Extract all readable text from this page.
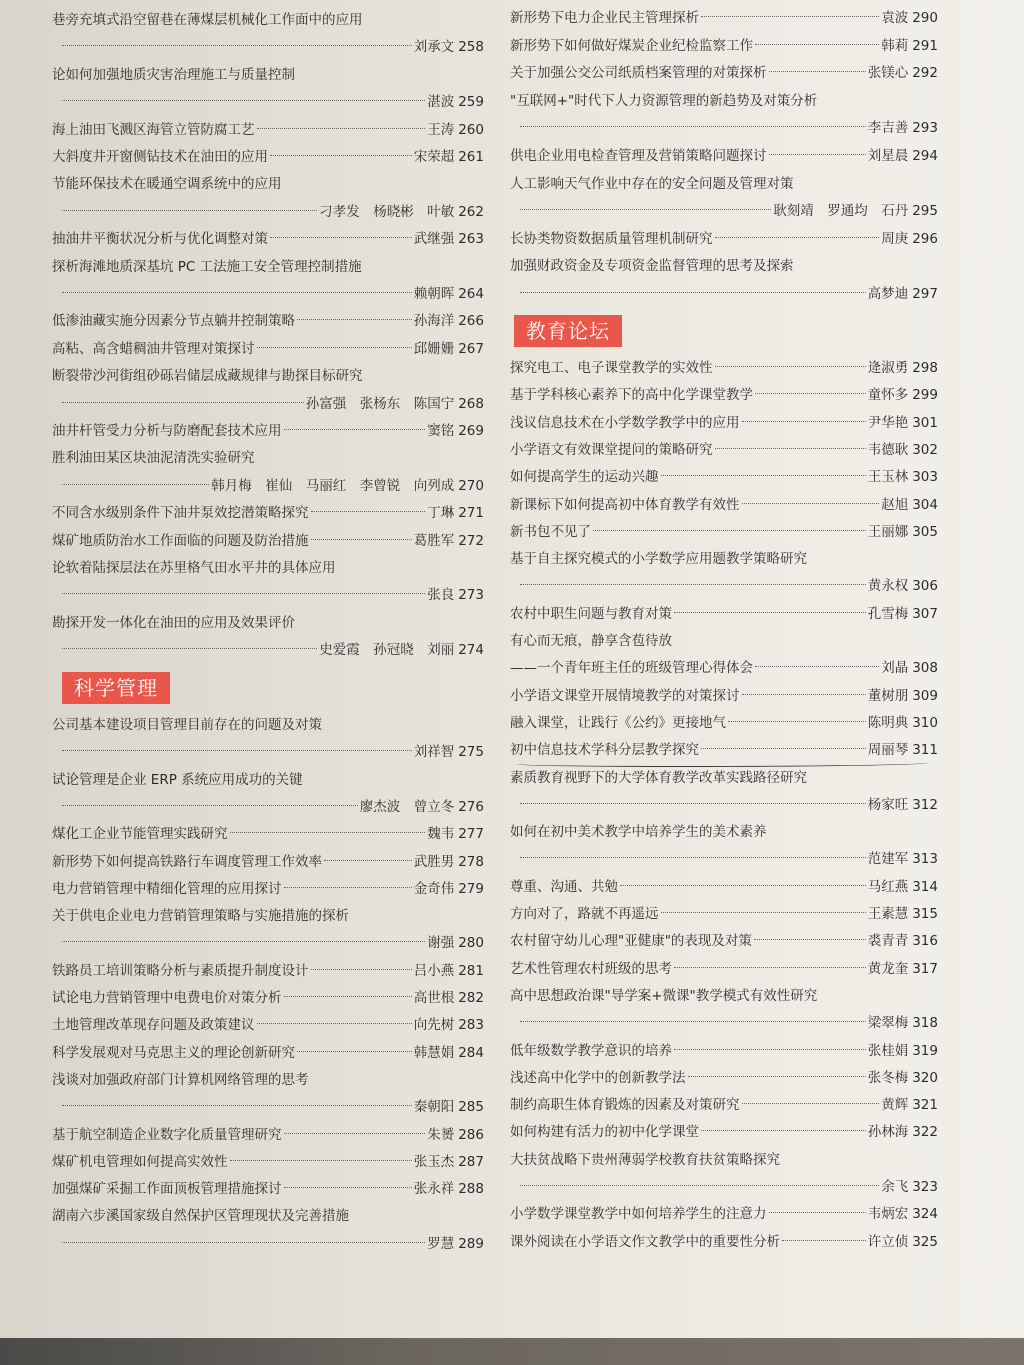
巷旁充填式沿空留巷在薄煤层机械化工作面中的应用
刘承文 258
论如何加强地质灾害治理施工与质量控制
湛波 259
海上油田飞溅区海管立管防腐工艺	王涛 260
大斜度井开窗侧钻技术在油田的应用	宋荣超 261
节能环保技术在暖通空调系统中的应用
刁孝发　杨晓彬　叶敏 262
抽油井平衡状况分析与优化调整对策	武继强 263
探析海滩地质深基坑 PC 工法施工安全管理控制措施
赖朝晖 264
低渗油藏实施分因素分节点躺井控制策略	孙海洋 266
高粘、高含蜡稠油井管理对策探讨	邱姗姗 267
断裂带沙河街组砂砾岩储层成藏规律与勘探目标研究
孙富强　张杨东　陈国宁 268
油井杆管受力分析与防磨配套技术应用	窦铭 269
胜利油田某区块油泥清洗实验研究
韩月梅　崔仙　马丽红　李曾锐　向列成 270
不同含水级别条件下油井泵效挖潜策略探究	丁琳 271
煤矿地质防治水工作面临的问题及防治措施	葛胜军 272
论软着陆探层法在苏里格气田水平井的具体应用
张良 273
勘探开发一体化在油田的应用及效果评价
史爱霞　孙冠晓　刘丽 274
科学管理
公司基本建设项目管理目前存在的问题及对策
刘祥智 275
试论管理是企业 ERP 系统应用成功的关键
廖杰波　曾立冬 276
煤化工企业节能管理实践研究	魏韦 277
新形势下如何提高铁路行车调度管理工作效率	武胜男 278
电力营销管理中精细化管理的应用探讨	金奇伟 279
关于供电企业电力营销管理策略与实施措施的探析
谢强 280
铁路员工培训策略分析与素质提升制度设计	吕小燕 281
试论电力营销管理中电费电价对策分析	高世根 282
土地管理改革现存问题及政策建议	向先树 283
科学发展观对马克思主义的理论创新研究	韩慧娟 284
浅谈对加强政府部门计算机网络管理的思考
秦朝阳 285
基于航空制造企业数字化质量管理研究	朱赟 286
煤矿机电管理如何提高实效性	张玉杰 287
加强煤矿采掘工作面顶板管理措施探讨	张永祥 288
湖南六步溪国家级自然保护区管理现状及完善措施
罗慧 289
新形势下电力企业民主管理探析	袁波 290
新形势下如何做好煤炭企业纪检监察工作	韩莉 291
关于加强公交公司纸质档案管理的对策探析	张镁心 292
"互联网+"时代下人力资源管理的新趋势及对策分析
李吉善 293
供电企业用电检查管理及营销策略问题探讨	刘星晨 294
人工影响天气作业中存在的安全问题及管理对策
耿刻靖　罗通均　石丹 295
长协类物资数据质量管理机制研究	周庚 296
加强财政资金及专项资金监督管理的思考及探索
高梦迪 297
教育论坛
探究电工、电子课堂教学的实效性	逄淑勇 298
基于学科核心素养下的高中化学课堂教学	童怀多 299
浅议信息技术在小学数学教学中的应用	尹华艳 301
小学语文有效课堂提问的策略研究	韦德耿 302
如何提高学生的运动兴趣	王玉林 303
新课标下如何提高初中体育教学有效性	赵旭 304
新书包不见了	王丽娜 305
基于自主探究模式的小学数学应用题教学策略研究
黄永权 306
农村中职生问题与教育对策	孔雪梅 307
有心而无痕，静享含苞待放
——一个青年班主任的班级管理心得体会	刘晶 308
小学语文课堂开展情境教学的对策探讨	董树朋 309
融入课堂，让践行《公约》更接地气	陈明典 310
初中信息技术学科分层教学探究	周丽琴 311
素质教育视野下的大学体育教学改革实践路径研究
杨家旺 312
如何在初中美术教学中培养学生的美术素养
范建军 313
尊重、沟通、共勉	马红燕 314
方向对了，路就不再遥远	王素慧 315
农村留守幼儿心理"亚健康"的表现及对策	裘青青 316
艺术性管理农村班级的思考	黄龙奎 317
高中思想政治课"导学案+微课"教学模式有效性研究
梁翠梅 318
低年级数学教学意识的培养	张桂娟 319
浅述高中化学中的创新教学法	张冬梅 320
制约高职生体育锻炼的因素及对策研究	黄辉 321
如何构建有活力的初中化学课堂	孙林海 322
大扶贫战略下贵州薄弱学校教育扶贫策略探究
余飞 323
小学数学课堂教学中如何培养学生的注意力	韦炳宏 324
课外阅读在小学语文作文教学中的重要性分析	许立侦 325
